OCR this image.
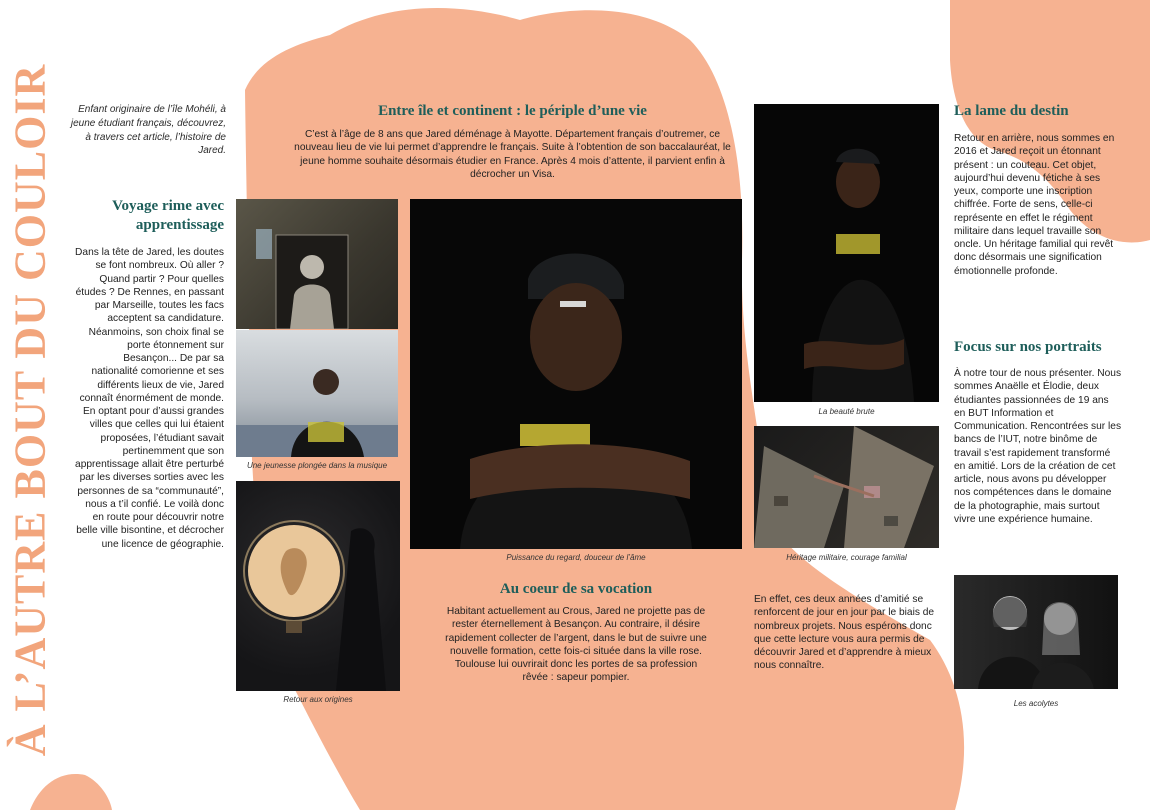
À L’AUTRE BOUT DU COULOIR	Enfant originaire de l’île Mohéli, à jeune étudiant français, découvrez, à travers cet article, l’histoire de Jared.
Voyage rime avec apprentissage
Dans la tête de Jared, les doutes se font nombreux. Où aller ? Quand partir ? Pour quelles études ? De Rennes, en passant par Marseille, toutes les facs acceptent sa candidature. Néanmoins, son choix final se porte étonnement sur Besançon... De par sa nationalité comorienne et ses différents lieux de vie, Jared connaît énormément de monde. En optant pour d’aussi grandes villes que celles qui lui étaient proposées, l’étudiant savait pertinemment que son apprentissage allait être perturbé par les diverses sorties avec les personnes de sa “communauté”, nous a t’il confié. Le voilà donc en route pour découvrir notre belle ville bisontine, et décrocher une licence de géographie.
Entre île et continent : le périple d’une vie
C’est à l’âge de 8 ans que Jared déménage à Mayotte. Département français d’outremer, ce nouveau lieu de vie lui permet d’apprendre le français. Suite à l’obtention de son baccalauréat, le jeune homme souhaite désormais étudier en France. Après 4 mois d’attente, il parvient enfin à décrocher un Visa.
Une jeunesse plongée dans la musique
Retour aux origines
Puissance du regard, douceur de l’âme
Au coeur de sa vocation
Habitant actuellement au Crous, Jared ne projette pas de rester éternellement à Besançon. Au contraire, il désire rapidement collecter de l’argent, dans le but de suivre une nouvelle formation, cette fois-ci située dans la ville rose. Toulouse lui ouvrirait donc les portes de sa profession rêvée : sapeur pompier.
La beauté brute
Héritage militaire, courage familial
En effet, ces deux années d’amitié se renforcent de jour en jour par le biais de nombreux projets. Nous espérons donc que cette lecture vous aura permis de découvrir Jared et d’apprendre à mieux nous connaître.
La lame du destin
Retour en arrière, nous sommes en 2016 et Jared reçoit un étonnant présent : un couteau. Cet objet, aujourd’hui devenu fétiche à ses yeux, comporte une inscription chiffrée. Forte de sens, celle-ci représente en effet le régiment militaire dans lequel travaille son oncle. Un héritage familial qui revêt donc désormais une signification émotionnelle profonde.
Focus sur nos portraits
À notre tour de nous présenter. Nous sommes Anaëlle et Élodie, deux étudiantes passionnées de 19 ans en BUT Information et Communication. Rencontrées sur les bancs de l’IUT, notre binôme de travail s’est rapidement transformé en amitié. Lors de la création de cet article, nous avons pu développer nos compétences dans le domaine de la photographie, mais surtout vivre une expérience humaine.
Les acolytes
